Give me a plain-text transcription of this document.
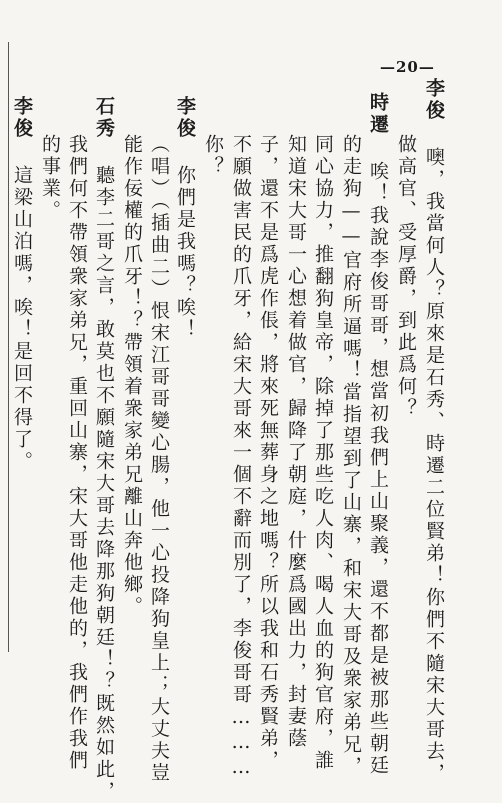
—20—
李俊 噢，我當何人？原來是石秀、時遷二位賢弟！你們不隨宋大哥去，
做高官、受厚爵，到此爲何？
時遷 唉！我說李俊哥哥，想當初我們上山聚義，還不都是被那些朝廷
的走狗——官府所逼嗎！當指望到了山寨，和宋大哥及衆家弟兄，
同心協力，推翻狗皇帝，除掉了那些吃人肉、喝人血的狗官府，誰
知道宋大哥一心想着做官，歸降了朝庭，什麼爲國出力，封妻蔭
子，還不是爲虎作倀，將來死無葬身之地嗎？所以我和石秀賢弟，
不願做害民的爪牙，給宋大哥來一個不辭而別了，李俊哥哥………
你？
李俊 你們是我嗎？唉！
（唱）（插曲二）恨宋江哥哥變心腸，他一心投降狗皇上；大丈夫豈
能作佞權的爪牙！？帶領着衆家弟兄離山奔他鄉。
石秀 聽李二哥之言，敢莫也不願隨宋大哥去降那狗朝廷！？既然如此，
我們何不帶領衆家弟兄，重回山寨，宋大哥他走他的，我們作我們
的事業。
李俊 這梁山泊嗎，唉！是回不得了。
